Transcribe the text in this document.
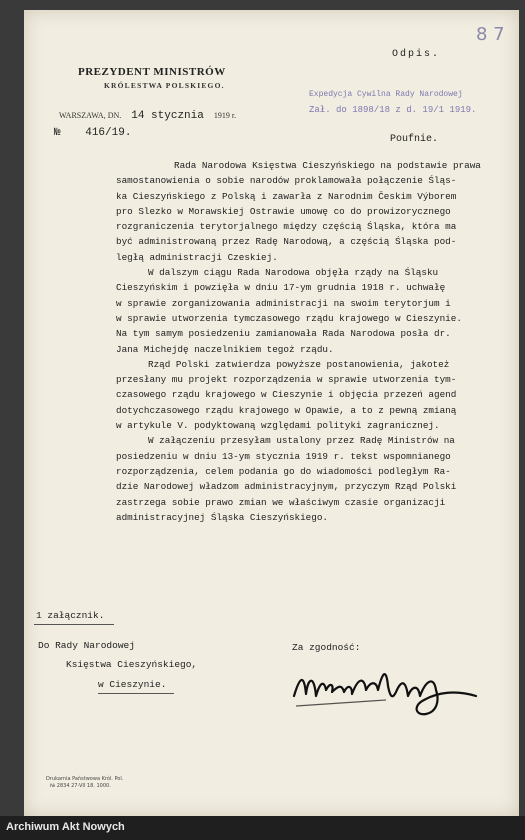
8 7
PREZYDENT MINISTRÓW
KRÓLESTWA POLSKIEGO.
WARSZAWA, DN. 14 stycznia 1919 r.
№ 416/19.
Odpis.
Expedycja Cywilna Rady Narodowej
Zał. do 1898/18 z d. 19/1 1919.
Poufnie.

Rada Narodowa Księstwa Cieszyńskiego na podstawie prawa

samostanowienia o sobie narodów proklamowała połączenie Śląs-

ka Cieszyńskiego z Polską i zawarła z Narodnim Českim Výborem

pro Slezko w Morawskiej Ostrawie umowę co do prowizorycznego

rozgraniczenia terytorjalnego między częścią Śląska, która ma

być administrowaną przez Radę Narodową, a częścią Śląska pod-

ległą administracji Czeskiej.

W dalszym ciągu Rada Narodowa objęła rządy na Śląsku

Cieszyńskim i powzięła w dniu 17-ym grudnia 1918 r. uchwałę

w sprawie zorganizowania administracji na swoim terytorjum i

w sprawie utworzenia tymczasowego rządu krajowego w Cieszynie.

Na tym samym posiedzeniu zamianowała Rada Narodowa posła dr.

Jana Michejdę naczelnikiem tegoż rządu.

Rząd Polski zatwierdza powyższe postanowienia, jakoteż

przesłany mu projekt rozporządzenia w sprawie utworzenia tym-

czasowego rządu krajowego w Cieszynie i objęcia przezeń agend

dotychczasowego rządu krajowego w Opawie, a to z pewną zmianą

w artykule V. podyktowaną względami polityki zagranicznej.

W załączeniu przesyłam ustalony przez Radę Ministrów na

posiedzeniu w dniu 13-ym stycznia 1919 r. tekst wspomnianego

rozporządzenia, celem podania go do wiadomości podległym Ra-

dzie Narodowej władzom administracyjnym, przyczym Rząd Polski

zastrzega sobie prawo zmian we właściwym czasie organizacji

administracyjnej Śląska Cieszyńskiego.

1 załącznik.
Do Rady Narodowej
Księstwa Cieszyńskiego,
w Cieszynie.
Za zgodność:
Drukarnia Państwowa Król. Pol.
№ 2834 27-VII 18. 1000.
Archiwum Akt Nowych
